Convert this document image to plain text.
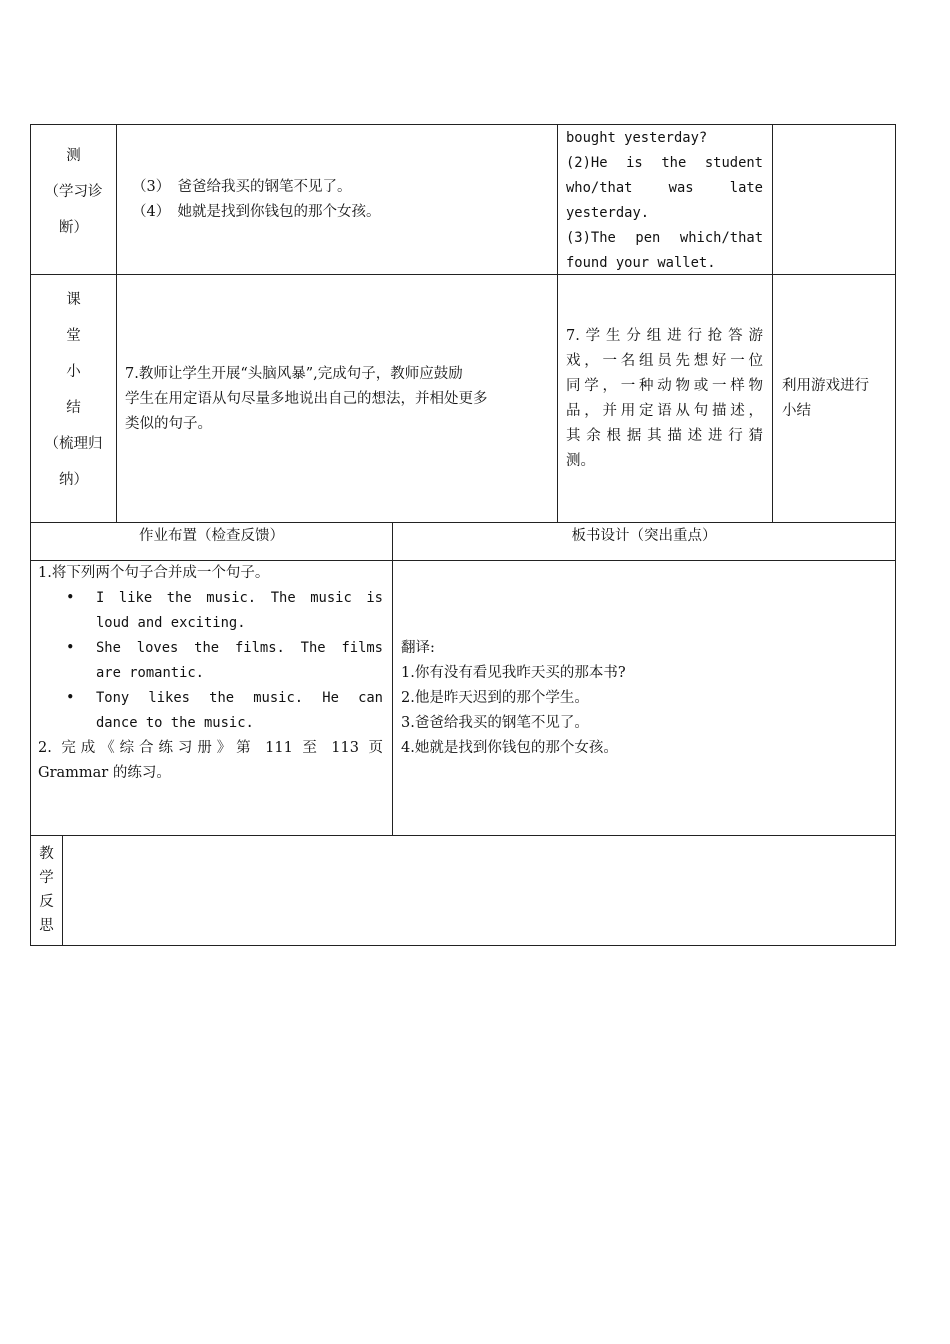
测
（学习诊
断）
（3）　爸爸给我买的钢笔不见了。
（4）　她就是找到你钱包的那个女孩。
bought yesterday?
(2)He is the student
who/that was late
yesterday.
(3)The pen which/that
found your wallet.
课
堂
小
结
（梳理归
纳）
7.教师让学生开展“头脑风暴”,完成句子，教师应鼓励
学生在用定语从句尽量多地说出自己的想法，并相处更多
类似的句子。
7.学生分组进行抢答游
戏，一名组员先想好一位
同学，一种动物或一样物
品，并用定语从句描述，
其余根据其描述进行猜
测。
利用游戏进行
小结
作业布置（检查反馈）	板书设计（突出重点）
1.将下列两个句子合并成一个句子。
• I like the music. The music is
loud and exciting.
• She loves the films. The films
are romantic.
• Tony likes the music. He can
dance to the music.
2. 完成《综合练习册》第 111 至 113 页
Grammar 的练习。
翻译:
1.你有没有看见我昨天买的那本书?
2.他是昨天迟到的那个学生。
3.爸爸给我买的钢笔不见了。
4.她就是找到你钱包的那个女孩。
教
学
反
思
